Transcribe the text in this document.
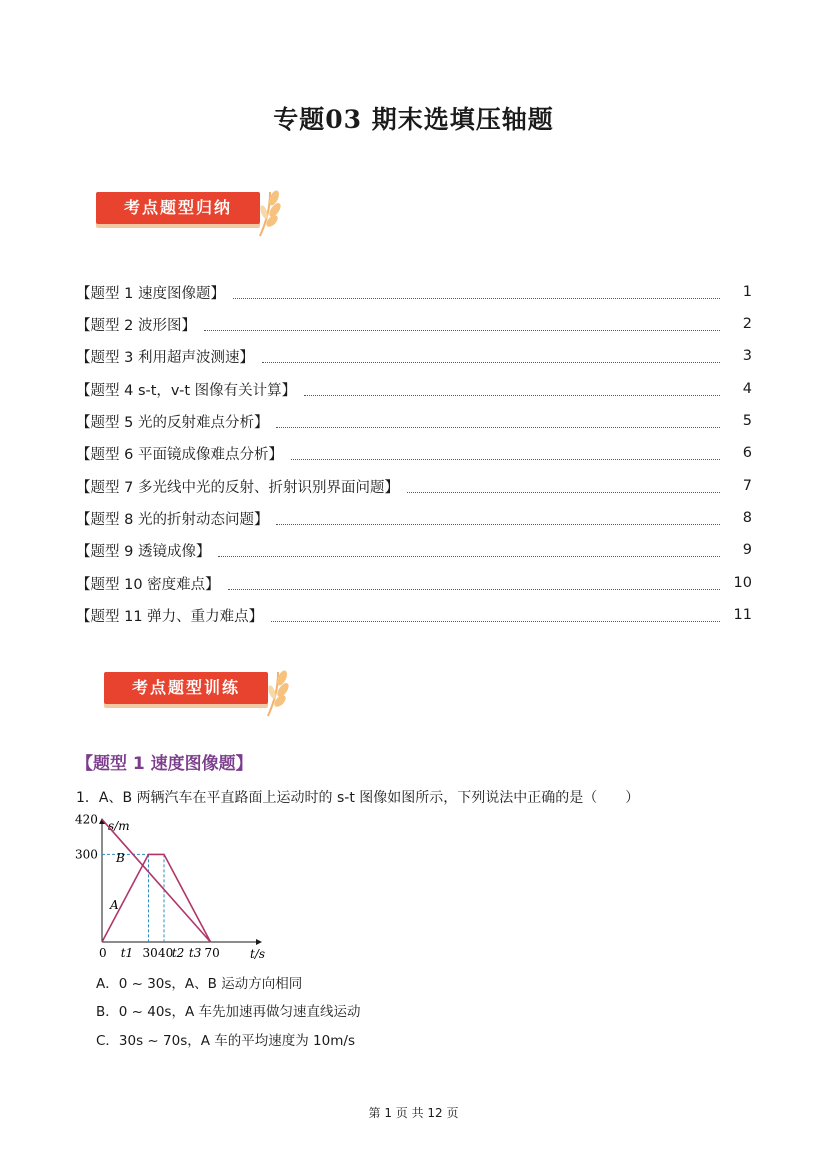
专题03 期末选填压轴题
考点题型归纳
【题型 1 速度图像题】	1
【题型 2 波形图】	2
【题型 3 利用超声波测速】	3
【题型 4 s-t，v-t 图像有关计算】	4
【题型 5 光的反射难点分析】	5
【题型 6 平面镜成像难点分析】	6
【题型 7 多光线中光的反射、折射识别界面问题】	7
【题型 8 光的折射动态问题】	8
【题型 9 透镜成像】	9
【题型 10 密度难点】	10
【题型 11 弹力、重力难点】	11
考点题型训练
【题型 1 速度图像题】
1．A、B 两辆汽车在平直路面上运动时的 s-t 图像如图所示，下列说法中正确的是（　　）
s/m
t/s
B
A
420
300
0 t1 30 40
t2 t3 70
A．0 ~ 30s，A、B 运动方向相同
B．0 ~ 40s，A 车先加速再做匀速直线运动
C．30s ~ 70s，A 车的平均速度为 10m/s
第 1 页 共 12 页
